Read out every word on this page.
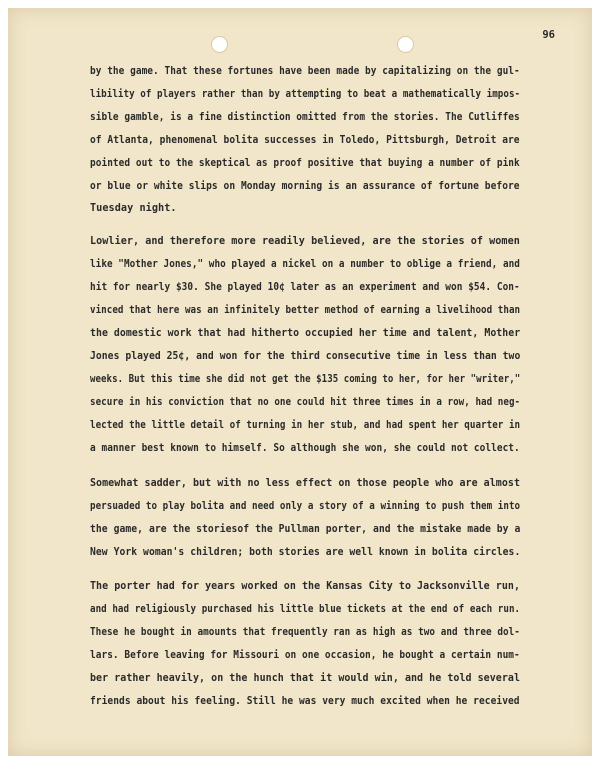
96
by the game. That these fortunes have been made by capitalizing on the gul-
libility of players rather than by attempting to beat a mathematically impos-
sible gamble, is a fine distinction omitted from the stories. The Cutliffes
of Atlanta, phenomenal bolita successes in Toledo, Pittsburgh, Detroit are
pointed out to the skeptical as proof positive that buying a number of pink
or blue or white slips on Monday morning is an assurance of fortune before
Tuesday night.
Lowlier, and therefore more readily believed, are the stories of women
like "Mother Jones," who played a nickel on a number to oblige a friend, and
hit for nearly $30. She played 10¢ later as an experiment and won $54. Con-
vinced that here was an infinitely better method of earning a livelihood than
the domestic work that had hitherto occupied her time and talent, Mother
Jones played 25¢, and won for the third consecutive time in less than two
weeks. But this time she did not get the $135 coming to her, for her "writer,"
secure in his conviction that no one could hit three times in a row, had neg-
lected the little detail of turning in her stub, and had spent her quarter in
a manner best known to himself. So although she won, she could not collect.
Somewhat sadder, but with no less effect on those people who are almost
persuaded to play bolita and need only a story of a winning to push them into
the game, are the storiesof the Pullman porter, and the mistake made by a
New York woman's children; both stories are well known in bolita circles.
The porter had for years worked on the Kansas City to Jacksonville run,
and had religiously purchased his little blue tickets at the end of each run.
These he bought in amounts that frequently ran as high as two and three dol-
lars. Before leaving for Missouri on one occasion, he bought a certain num-
ber rather heavily, on the hunch that it would win, and he told several
friends about his feeling. Still he was very much excited when he received
